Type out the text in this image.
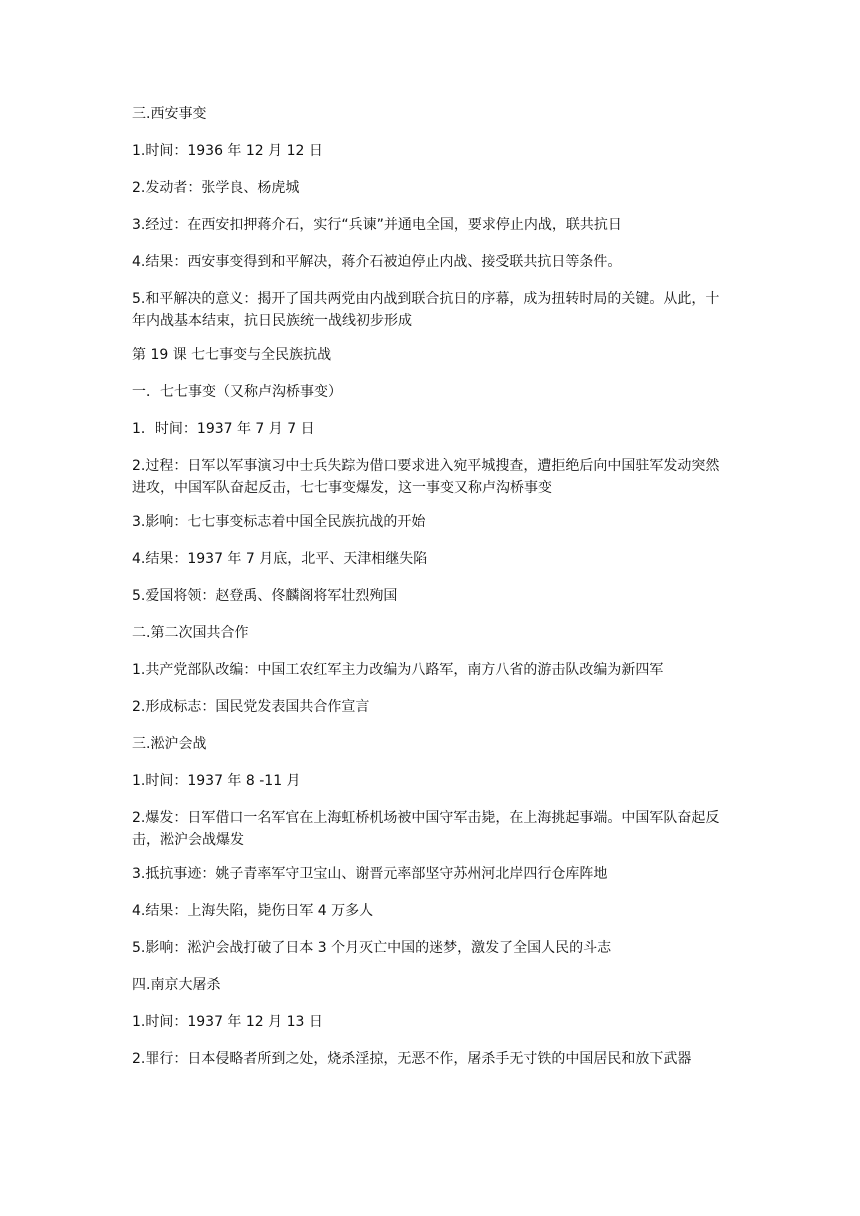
三.西安事变

1.时间：1936 年 12 月 12 日

2.发动者：张学良、杨虎城

3.经过：在西安扣押蒋介石，实行“兵谏”并通电全国，要求停止内战，联共抗日

4.结果：西安事变得到和平解决，蒋介石被迫停止内战、接受联共抗日等条件。

5.和平解决的意义：揭开了国共两党由内战到联合抗日的序幕，成为扭转时局的关键。从此，十年内战基本结束，抗日民族统一战线初步形成

第 19 课 七七事变与全民族抗战

一．七七事变（又称卢沟桥事变）

1．时间：1937 年 7 月 7 日

2.过程：日军以军事演习中士兵失踪为借口要求进入宛平城搜查，遭拒绝后向中国驻军发动突然进攻，中国军队奋起反击，七七事变爆发，这一事变又称卢沟桥事变

3.影响：七七事变标志着中国全民族抗战的开始

4.结果：1937 年 7 月底，北平、天津相继失陷

5.爱国将领：赵登禹、佟麟阁将军壮烈殉国

二.第二次国共合作

1.共产党部队改编：中国工农红军主力改编为八路军，南方八省的游击队改编为新四军

2.形成标志：国民党发表国共合作宣言

三.淞沪会战

1.时间：1937 年 8 -11 月

2.爆发：日军借口一名军官在上海虹桥机场被中国守军击毙，在上海挑起事端。中国军队奋起反击，淞沪会战爆发

3.抵抗事迹：姚子青率军守卫宝山、谢晋元率部坚守苏州河北岸四行仓库阵地

4.结果：上海失陷，毙伤日军 4 万多人

5.影响：淞沪会战打破了日本 3 个月灭亡中国的迷梦，激发了全国人民的斗志

四.南京大屠杀

1.时间：1937 年 12 月 13 日

2.罪行：日本侵略者所到之处，烧杀淫掠，无恶不作，屠杀手无寸铁的中国居民和放下武器
